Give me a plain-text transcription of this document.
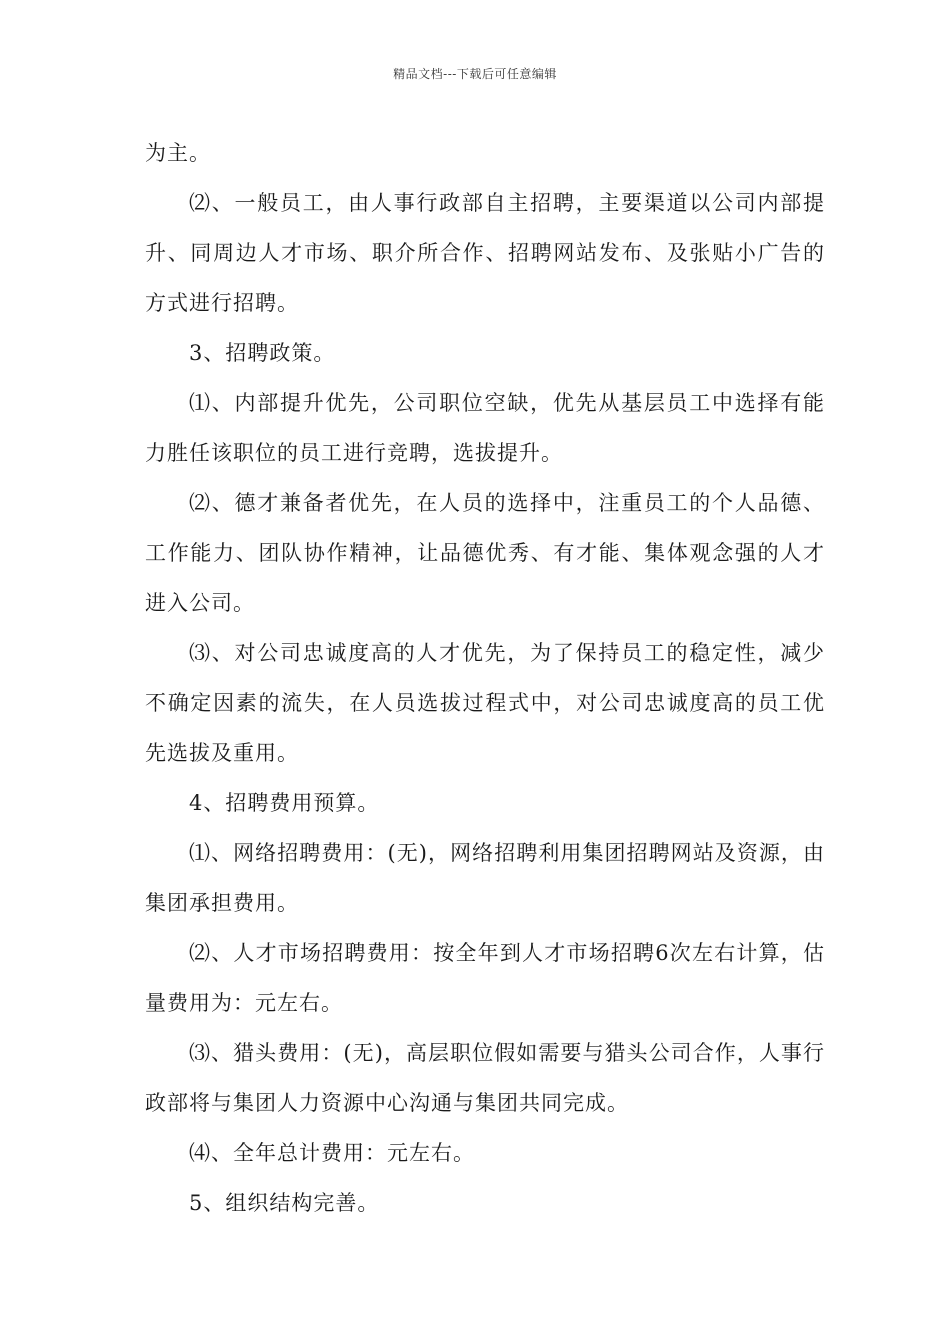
精品文档---下载后可任意编辑

为主。

⑵、一般员工，由人事行政部自主招聘，主要渠道以公司内部提升、同周边人才市场、职介所合作、招聘网站发布、及张贴小广告的方式进行招聘。

3、招聘政策。

⑴、内部提升优先，公司职位空缺，优先从基层员工中选择有能力胜任该职位的员工进行竞聘，选拔提升。

⑵、德才兼备者优先，在人员的选择中，注重员工的个人品德、工作能力、团队协作精神，让品德优秀、有才能、集体观念强的人才进入公司。

⑶、对公司忠诚度高的人才优先，为了保持员工的稳定性，减少不确定因素的流失，在人员选拔过程式中，对公司忠诚度高的员工优先选拔及重用。

4、招聘费用预算。

⑴、网络招聘费用：(无)，网络招聘利用集团招聘网站及资源，由集团承担费用。

⑵、人才市场招聘费用：按全年到人才市场招聘6次左右计算，估量费用为：元左右。

⑶、猎头费用：(无)，高层职位假如需要与猎头公司合作，人事行政部将与集团人力资源中心沟通与集团共同完成。

⑷、全年总计费用：元左右。

5、组织结构完善。
